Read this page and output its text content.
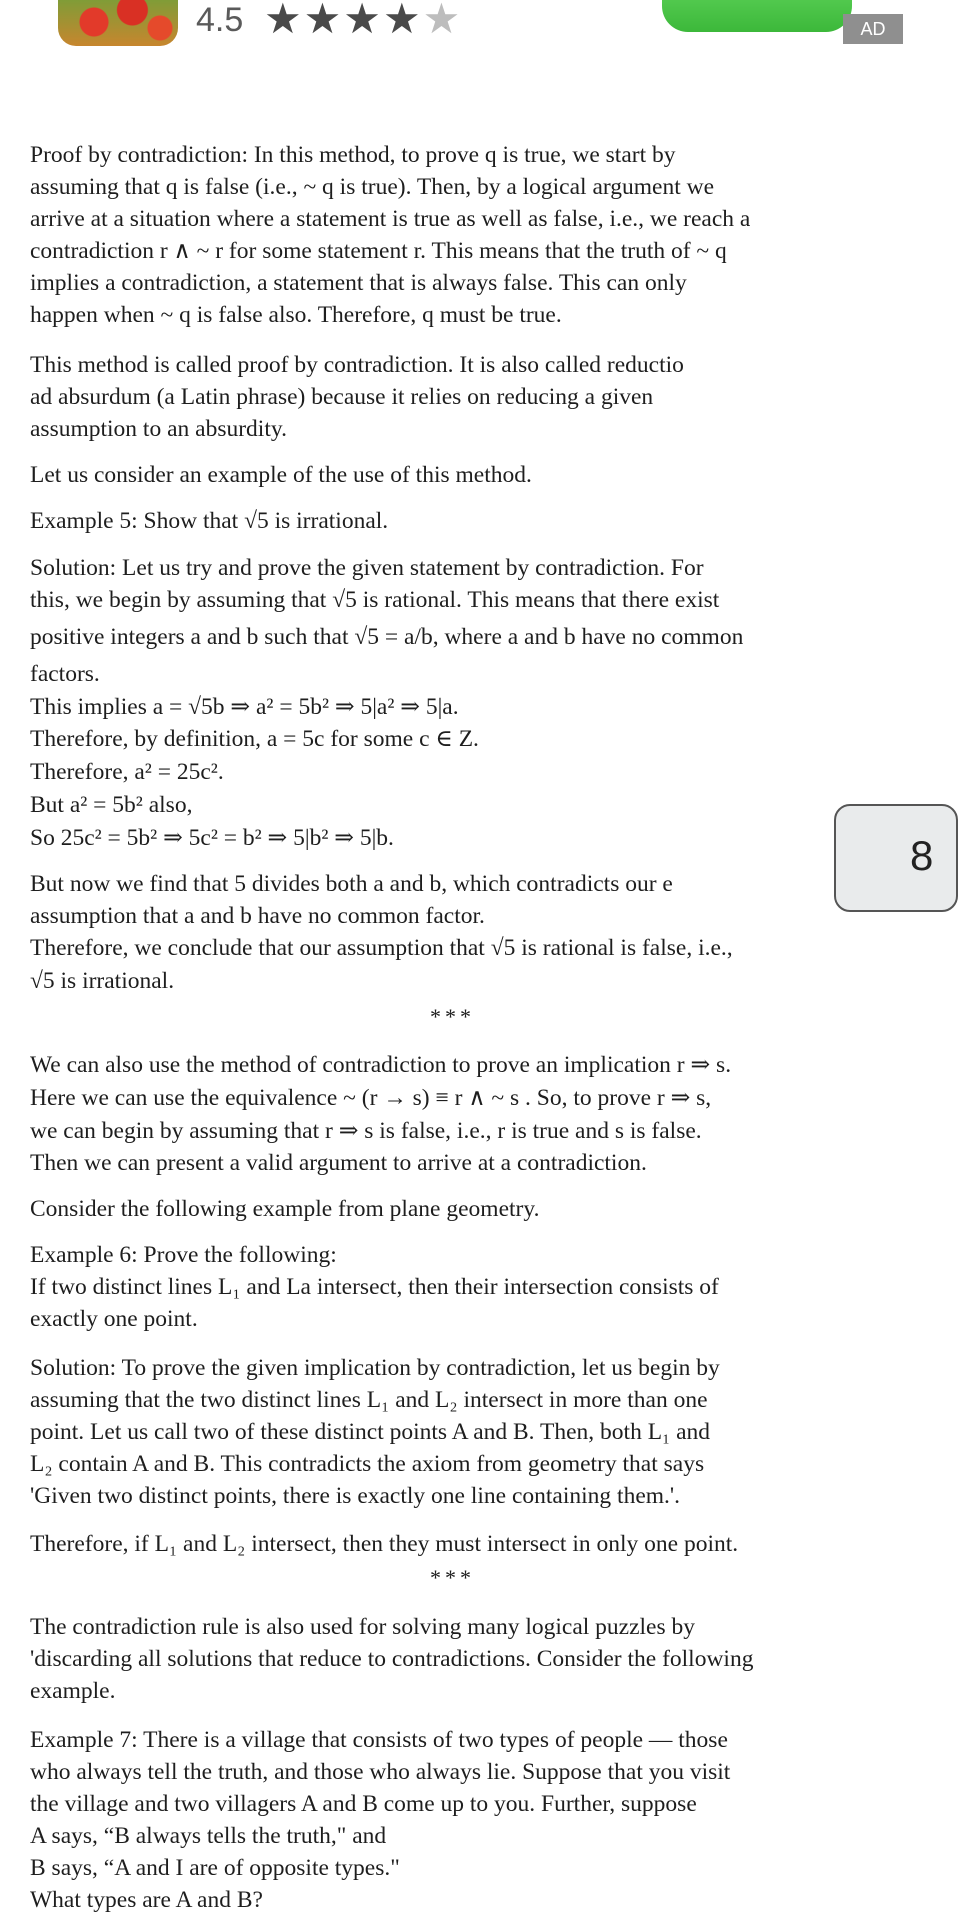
4.5 ★★★★★	AD
Proof by contradiction: In this method, to prove q is true, we start by
assuming that q is false (i.e., ~ q is true). Then, by a logical argument we
arrive at a situation where a statement is true as well as false, i.e., we reach a
contradiction r ∧ ~ r for some statement r. This means that the truth of ~ q
implies a contradiction, a statement that is always false. This can only
happen when ~ q is false also. Therefore, q must be true.
This method is called proof by contradiction. It is also called reductio
ad absurdum (a Latin phrase) because it relies on reducing a given
assumption to an absurdity.
Let us consider an example of the use of this method.
Example 5: Show that √5 is irrational.
Solution: Let us try and prove the given statement by contradiction. For
this, we begin by assuming that √5 is rational. This means that there exist
positive integers a and b such that √5 = a/b, where a and b have no common
factors.
This implies a = √5b ⇒ a² = 5b² ⇒ 5|a² ⇒ 5|a.
Therefore, by definition, a = 5c for some c ∈ Z.
Therefore, a² = 25c².
But a² = 5b² also,
So 25c² = 5b² ⇒ 5c² = b² ⇒ 5|b² ⇒ 5|b.
But now we find that 5 divides both a and b, which contradicts our e
assumption that a and b have no common factor.
Therefore, we conclude that our assumption that √5 is rational is false, i.e.,
√5 is irrational.
We can also use the method of contradiction to prove an implication r ⇒ s.
Here we can use the equivalence ~ (r → s) ≡ r ∧ ~ s . So, to prove r ⇒ s,
we can begin by assuming that r ⇒ s is false, i.e., r is true and s is false.
Then we can present a valid argument to arrive at a contradiction.
Consider the following example from plane geometry.
Example 6: Prove the following:
If two distinct lines L₁ and La intersect, then their intersection consists of
exactly one point.
Solution: To prove the given implication by contradiction, let us begin by
assuming that the two distinct lines L₁ and L₂ intersect in more than one
point. Let us call two of these distinct points A and B. Then, both L₁ and
L₂ contain A and B. This contradicts the axiom from geometry that says
'Given two distinct points, there is exactly one line containing them.'.
Therefore, if L₁ and L₂ intersect, then they must intersect in only one point.
The contradiction rule is also used for solving many logical puzzles by
'discarding all solutions that reduce to contradictions. Consider the following
example.
Example 7: There is a village that consists of two types of people — those
who always tell the truth, and those who always lie. Suppose that you visit
the village and two villagers A and B come up to you. Further, suppose
A says, “B always tells the truth," and
B says, “A and I are of opposite types."
What types are A and B?
***
***
8
